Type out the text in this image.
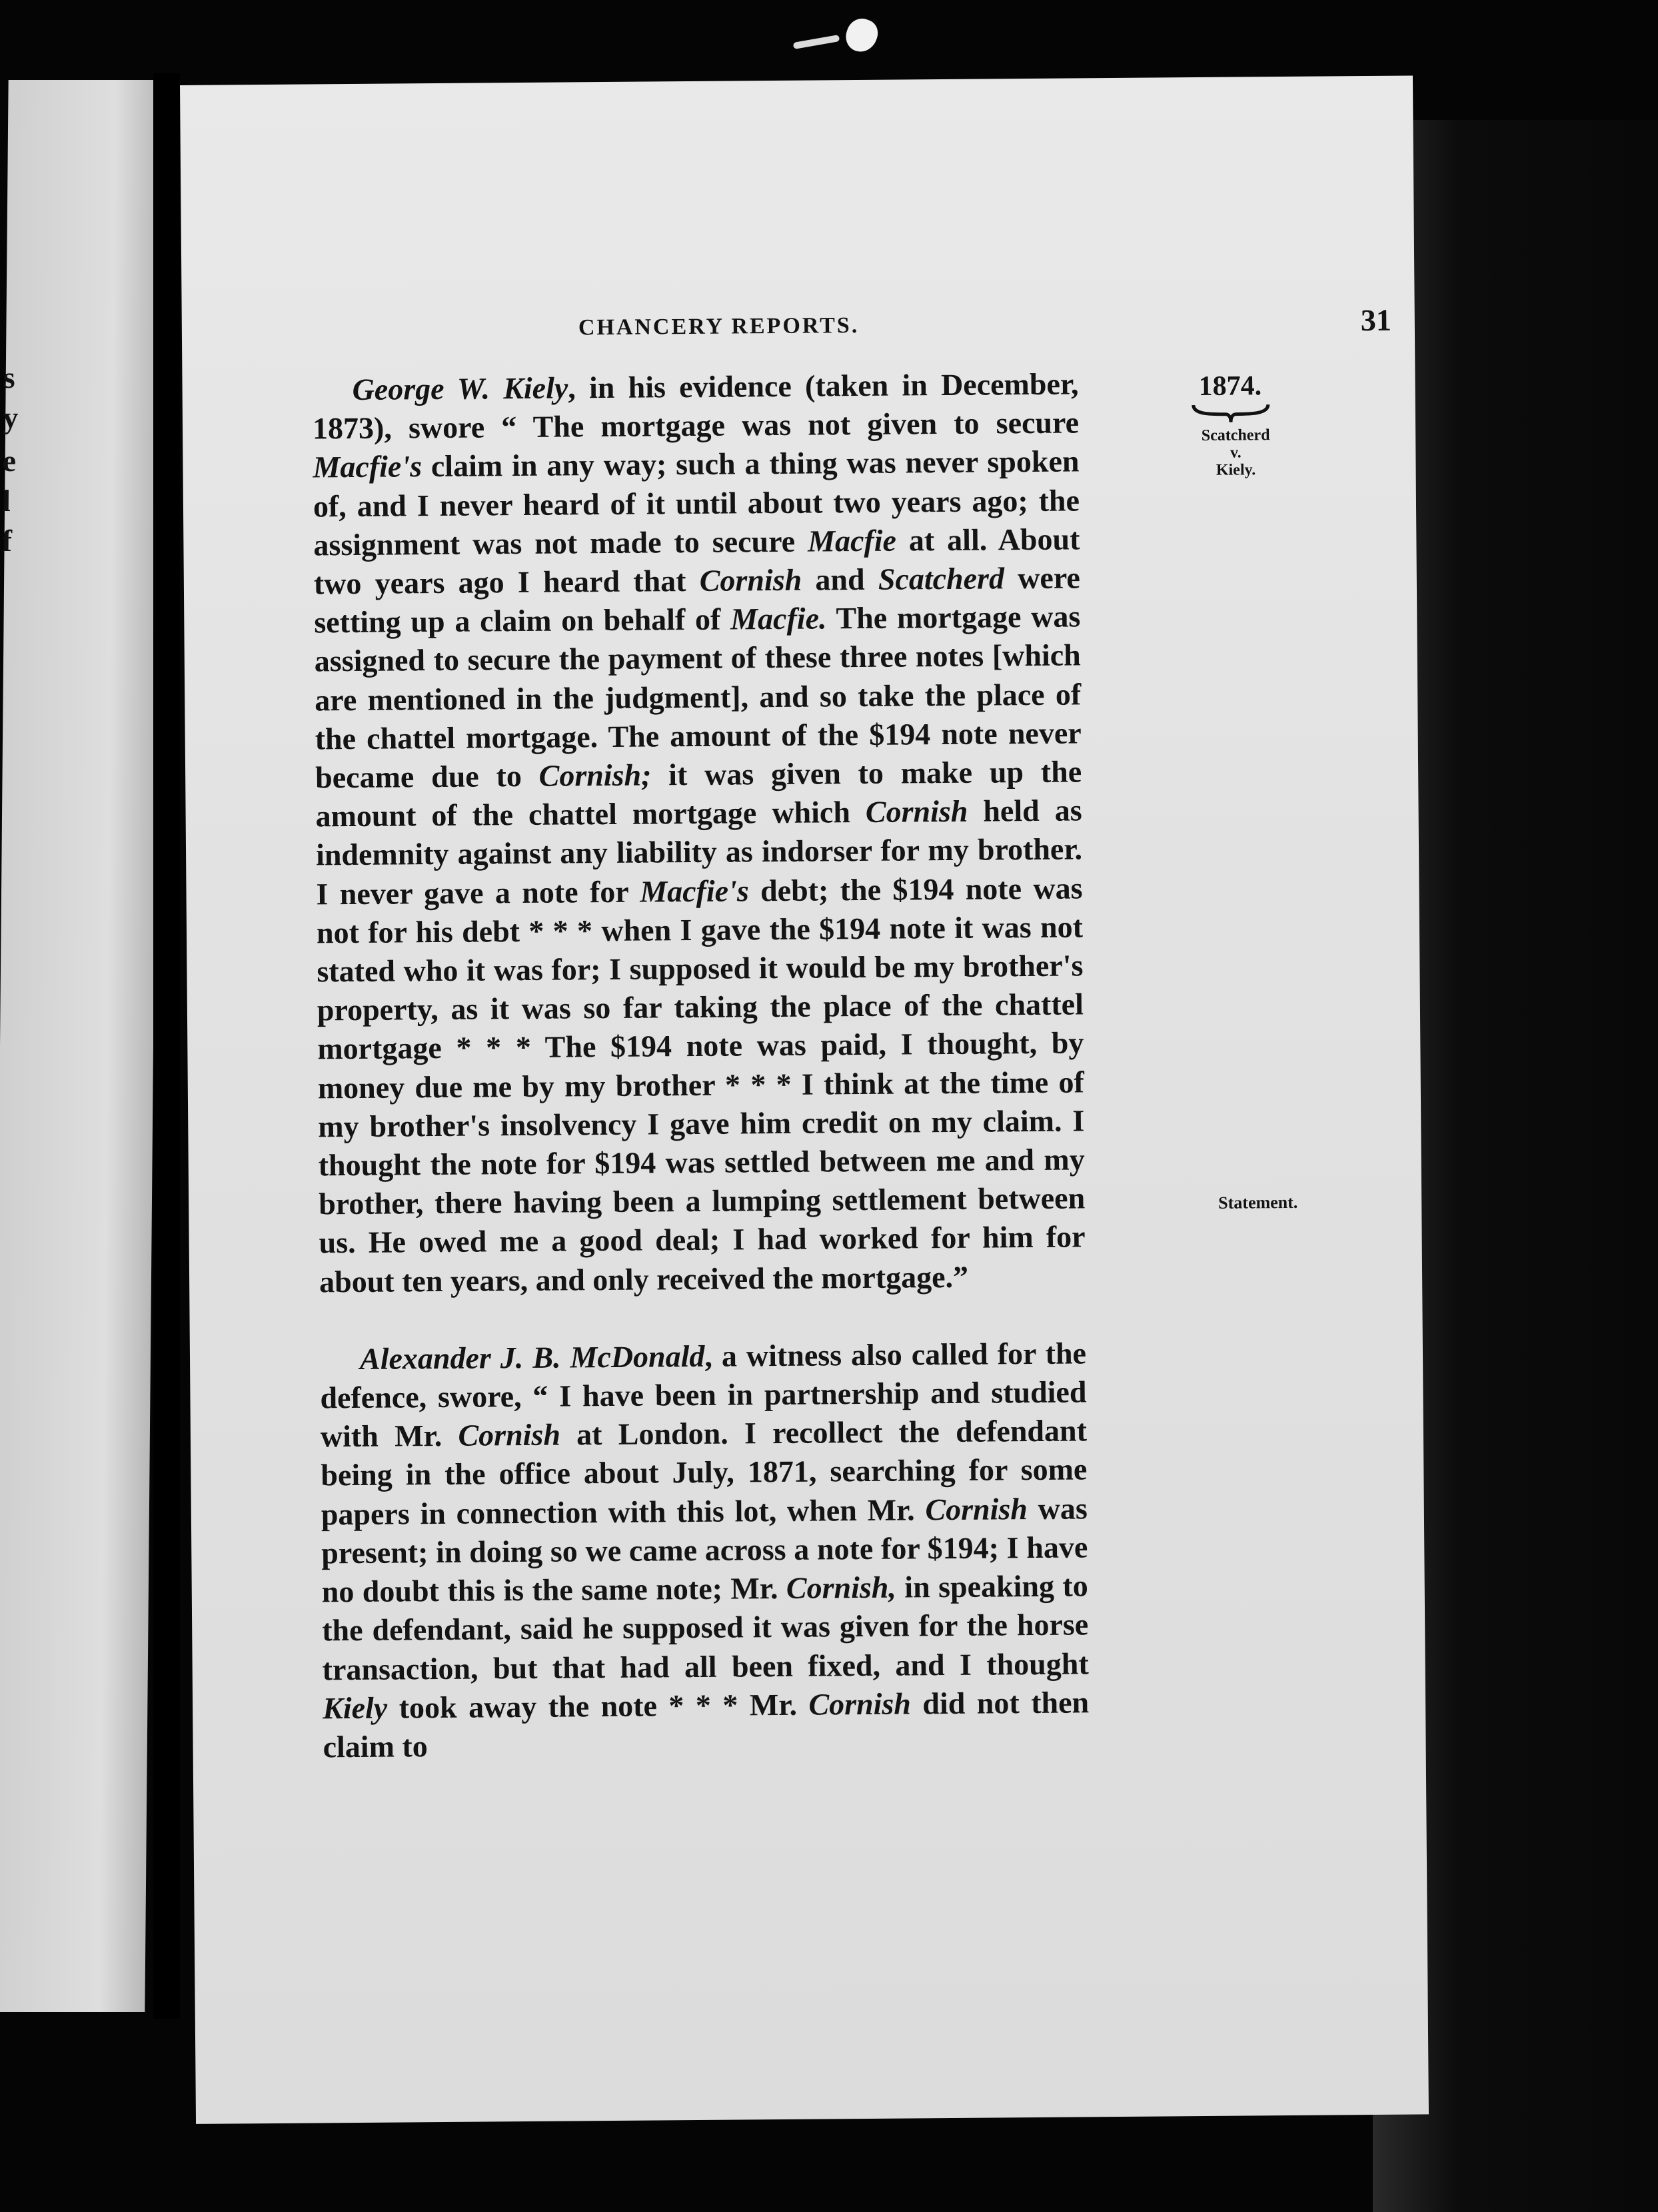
s
y
e
l
f
CHANCERY REPORTS.	31
1874.
Scatcherd
v.
Kiely.
Statement.

George W. Kiely, in his evidence (taken in December, 1873), swore “ The mortgage was not given to secure Macfie's claim in any way; such a thing was never spoken of, and I never heard of it until about two years ago; the assignment was not made to secure Macfie at all. About two years ago I heard that Cornish and Scatcherd were setting up a claim on behalf of Macfie. The mortgage was assigned to secure the payment of these three notes [which are mentioned in the judgment], and so take the place of the chattel mortgage. The amount of the $194 note never became due to Cornish; it was given to make up the amount of the chattel mortgage which Cornish held as indemnity against any liability as indorser for my brother. I never gave a note for Macfie's debt; the $194 note was not for his debt * * * when I gave the $194 note it was not stated who it was for; I supposed it would be my brother's property, as it was so far taking the place of the chattel mortgage * * * The $194 note was paid, I thought, by money due me by my brother * * * I think at the time of my brother's insolvency I gave him credit on my claim. I thought the note for $194 was settled between me and my brother, there having been a lumping settlement between us. He owed me a good deal; I had worked for him for about ten years, and only received the mortgage.”

Alexander J. B. McDonald, a witness also called for the defence, swore, “ I have been in partnership and studied with Mr. Cornish at London. I recollect the defendant being in the office about July, 1871, searching for some papers in connection with this lot, when Mr. Cornish was present; in doing so we came across a note for $194; I have no doubt this is the same note; Mr. Cornish, in speaking to the defendant, said he supposed it was given for the horse transaction, but that had all been fixed, and I thought Kiely took away the note * * * Mr. Cornish did not then claim to
